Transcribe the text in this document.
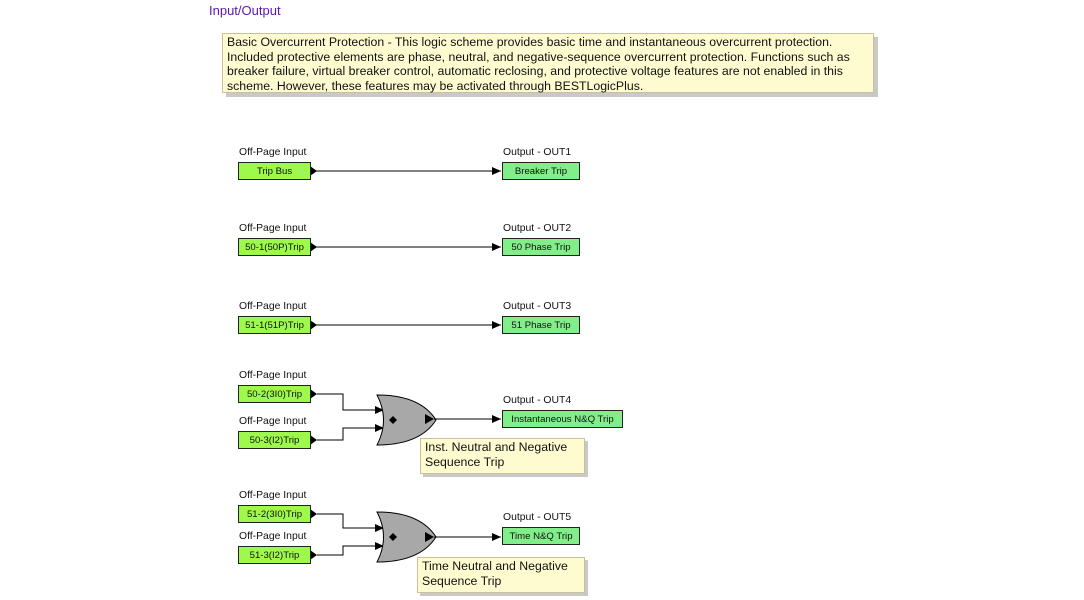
Input/Output
Basic Overcurrent Protection - This logic scheme provides basic time and instantaneous overcurrent protection. Included protective elements are phase, neutral, and negative-sequence overcurrent protection. Functions such as breaker failure, virtual breaker control, automatic reclosing, and protective voltage features are not enabled in this scheme. However, these features may be activated through BESTLogicPlus.
Off-Page Input
Trip Bus
Output - OUT1
Breaker Trip
Off-Page Input
50-1(50P)Trip
Output - OUT2
50 Phase Trip
Off-Page Input
51-1(51P)Trip
Output - OUT3
51 Phase Trip
Off-Page Input
50-2(3I0)Trip
Off-Page Input
50-3(I2)Trip
Output - OUT4
Instantaneous N&Q Trip
Inst. Neutral and Negative
Sequence Trip
Off-Page Input
51-2(3I0)Trip
Off-Page Input
51-3(I2)Trip
Output - OUT5
Time N&Q Trip
Time Neutral and Negative
Sequence Trip
